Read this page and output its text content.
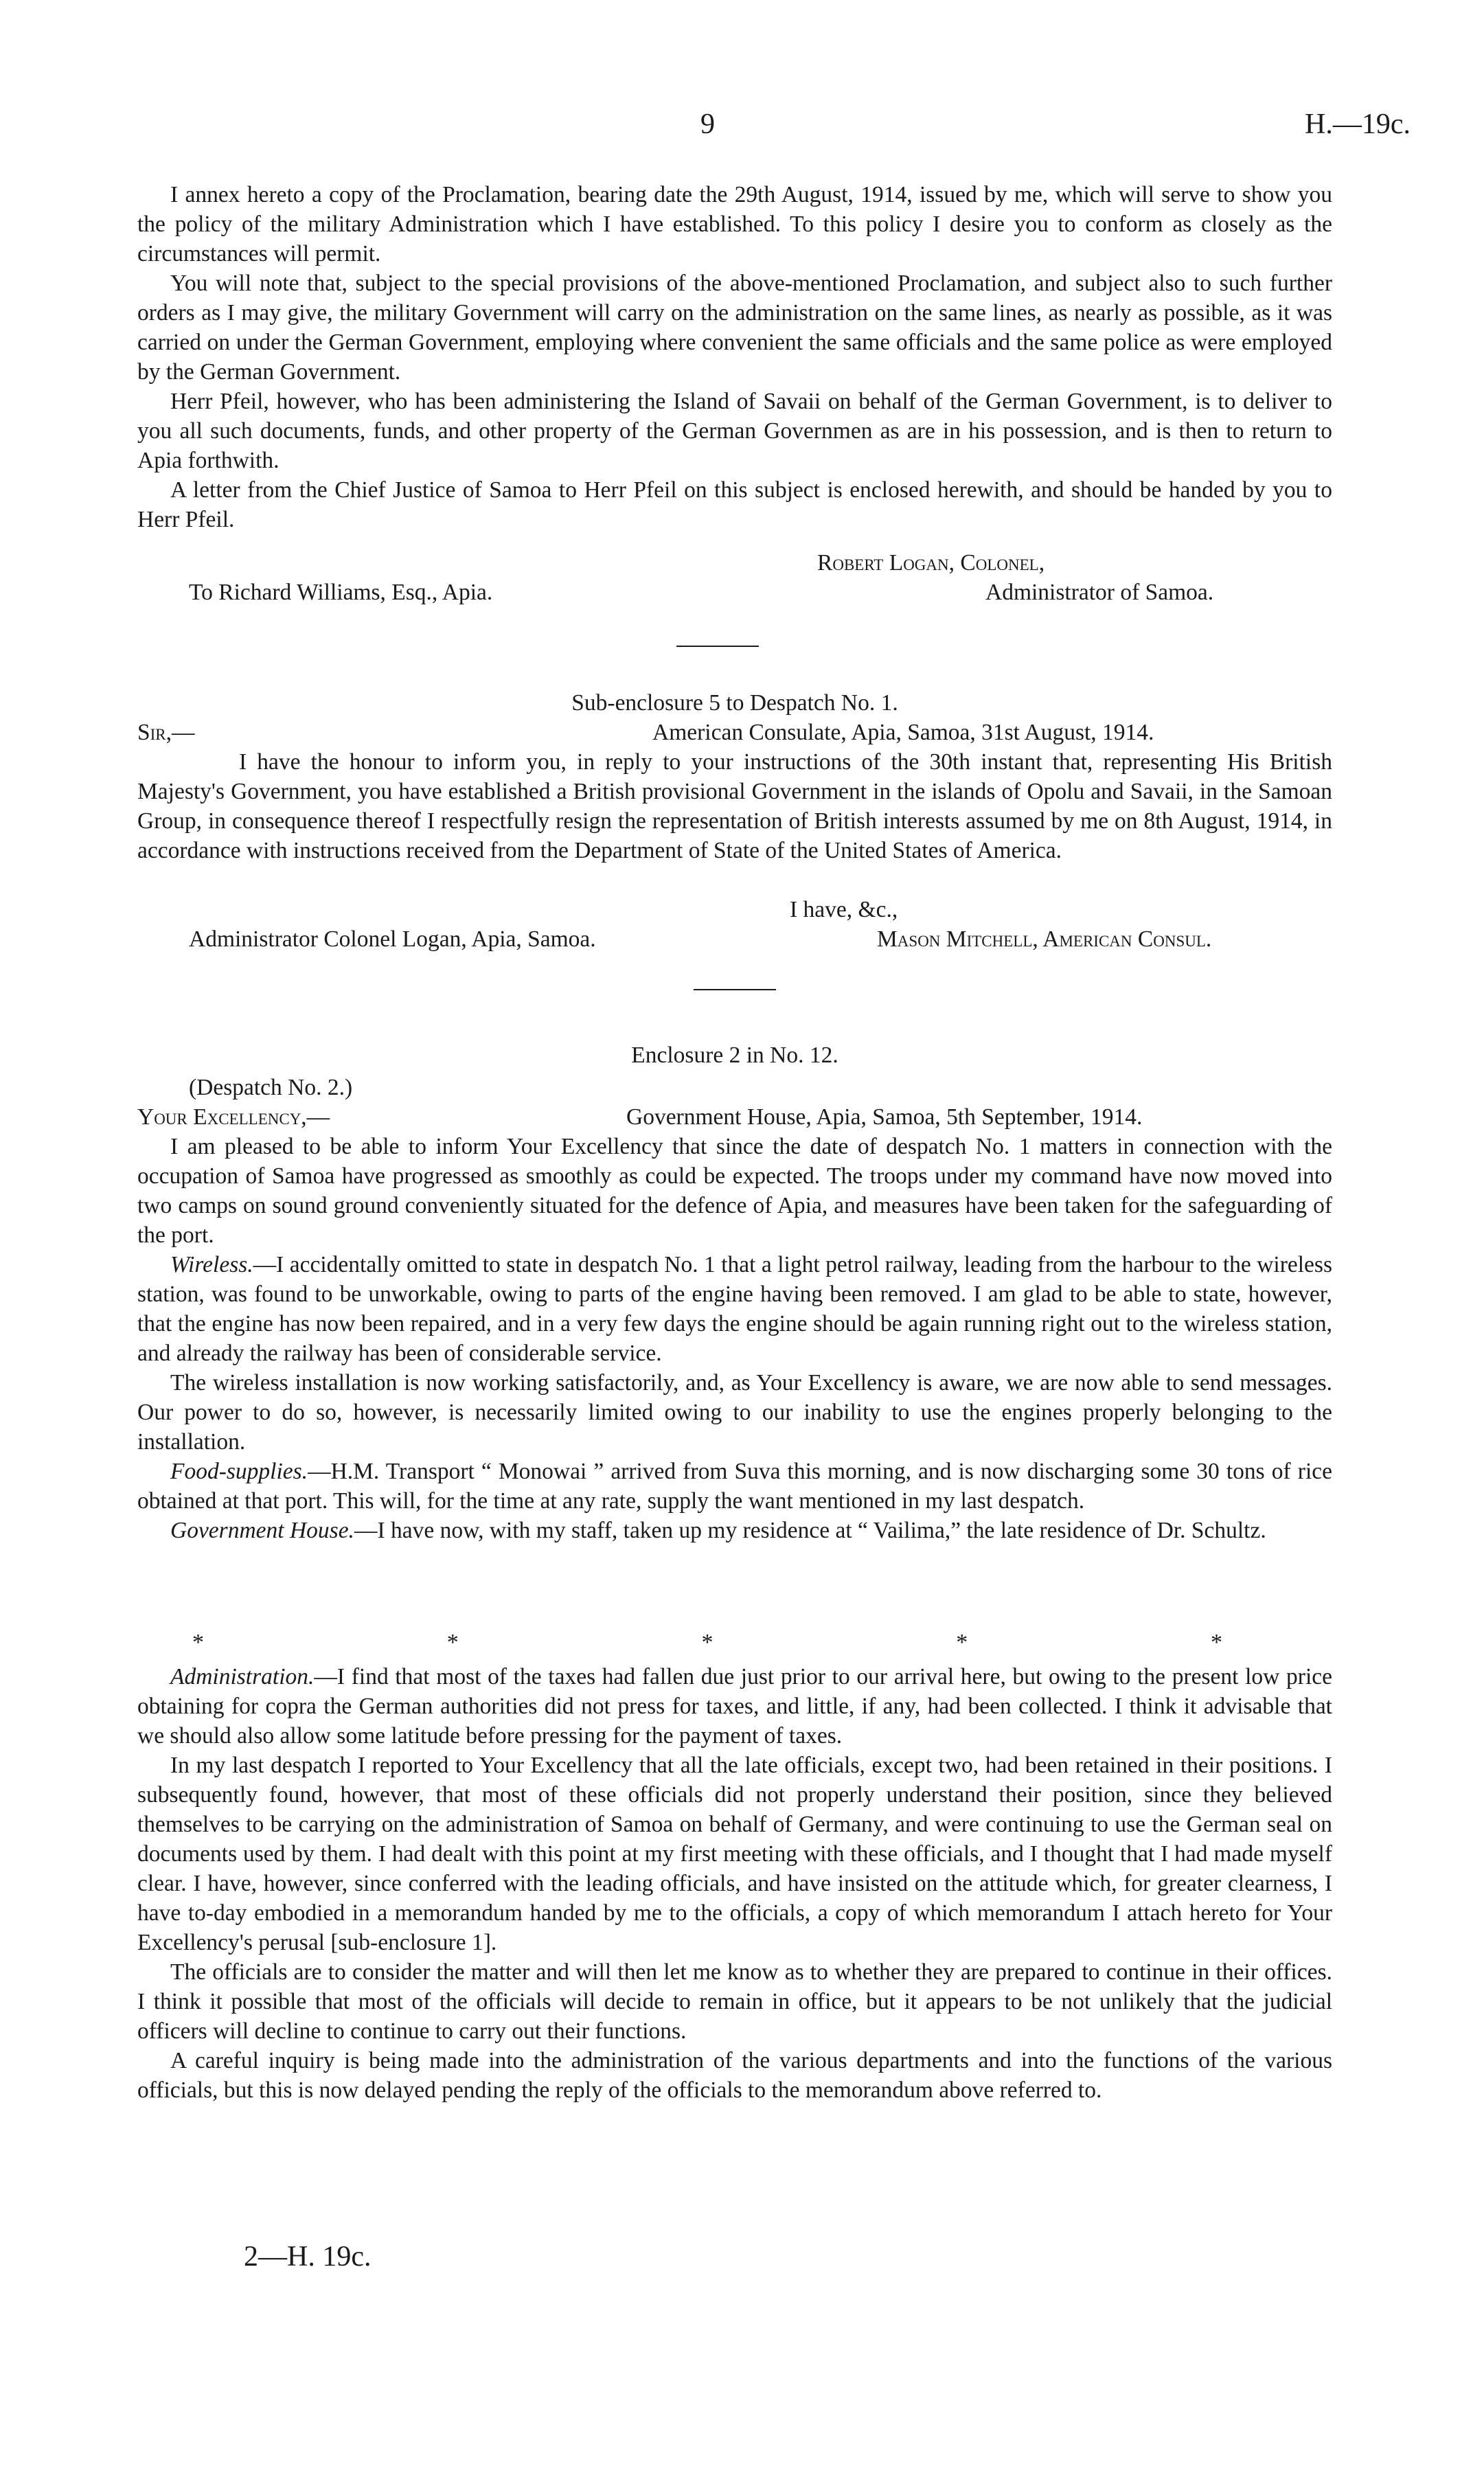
9	H.—19c.

I annex hereto a copy of the Proclamation, bearing date the 29th August, 1914, issued by me, which will serve to show you the policy of the military Administration which I have established. To this policy I desire you to conform as closely as the circumstances will permit.

You will note that, subject to the special provisions of the above-mentioned Proclamation, and subject also to such further orders as I may give, the military Government will carry on the administration on the same lines, as nearly as possible, as it was carried on under the German Government, employing where convenient the same officials and the same police as were employed by the German Government.

Herr Pfeil, however, who has been administering the Island of Savaii on behalf of the German Government, is to deliver to you all such documents, funds, and other property of the German Governmen as are in his possession, and is then to return to Apia forthwith.

A letter from the Chief Justice of Samoa to Herr Pfeil on this subject is enclosed herewith, and should be handed by you to Herr Pfeil.

Robert Logan, Colonel,
To Richard Williams, Esq., Apia.	Administrator of Samoa.
Sub-enclosure 5 to Despatch No. 1.
Sir,—	American Consulate, Apia, Samoa, 31st August, 1914.

I have the honour to inform you, in reply to your instructions of the 30th instant that, representing His British Majesty's Government, you have established a British provisional Government in the islands of Opolu and Savaii, in the Samoan Group, in consequence thereof I respectfully resign the representation of British interests assumed by me on 8th August, 1914, in accordance with instructions received from the Department of State of the United States of America.

I have, &c.,
Administrator Colonel Logan, Apia, Samoa.	Mason Mitchell, American Consul.
Enclosure 2 in No. 12.
(Despatch No. 2.)
Your Excellency,—	Government House, Apia, Samoa, 5th September, 1914.

I am pleased to be able to inform Your Excellency that since the date of despatch No. 1 matters in connection with the occupation of Samoa have progressed as smoothly as could be expected. The troops under my command have now moved into two camps on sound ground conveniently situated for the defence of Apia, and measures have been taken for the safeguarding of the port.

Wireless.—I accidentally omitted to state in despatch No. 1 that a light petrol railway, leading from the harbour to the wireless station, was found to be unworkable, owing to parts of the engine having been removed. I am glad to be able to state, however, that the engine has now been repaired, and in a very few days the engine should be again running right out to the wireless station, and already the railway has been of considerable service.

The wireless installation is now working satisfactorily, and, as Your Excellency is aware, we are now able to send messages. Our power to do so, however, is necessarily limited owing to our inability to use the engines properly belonging to the installation.

Food-supplies.—H.M. Transport “ Monowai ” arrived from Suva this morning, and is now discharging some 30 tons of rice obtained at that port. This will, for the time at any rate, supply the want mentioned in my last despatch.

Government House.—I have now, with my staff, taken up my residence at “ Vailima,” the late residence of Dr. Schultz.

*	*	*	*	*

Administration.—I find that most of the taxes had fallen due just prior to our arrival here, but owing to the present low price obtaining for copra the German authorities did not press for taxes, and little, if any, had been collected. I think it advisable that we should also allow some latitude before pressing for the payment of taxes.

In my last despatch I reported to Your Excellency that all the late officials, except two, had been retained in their positions. I subsequently found, however, that most of these officials did not properly understand their position, since they believed themselves to be carrying on the administration of Samoa on behalf of Germany, and were continuing to use the German seal on documents used by them. I had dealt with this point at my first meeting with these officials, and I thought that I had made myself clear. I have, however, since conferred with the leading officials, and have insisted on the attitude which, for greater clearness, I have to-day embodied in a memorandum handed by me to the officials, a copy of which memorandum I attach hereto for Your Excellency's perusal [sub-enclosure 1].

The officials are to consider the matter and will then let me know as to whether they are prepared to continue in their offices. I think it possible that most of the officials will decide to remain in office, but it appears to be not unlikely that the judicial officers will decline to continue to carry out their functions.

A careful inquiry is being made into the administration of the various departments and into the functions of the various officials, but this is now delayed pending the reply of the officials to the memorandum above referred to.

2—H. 19c.
